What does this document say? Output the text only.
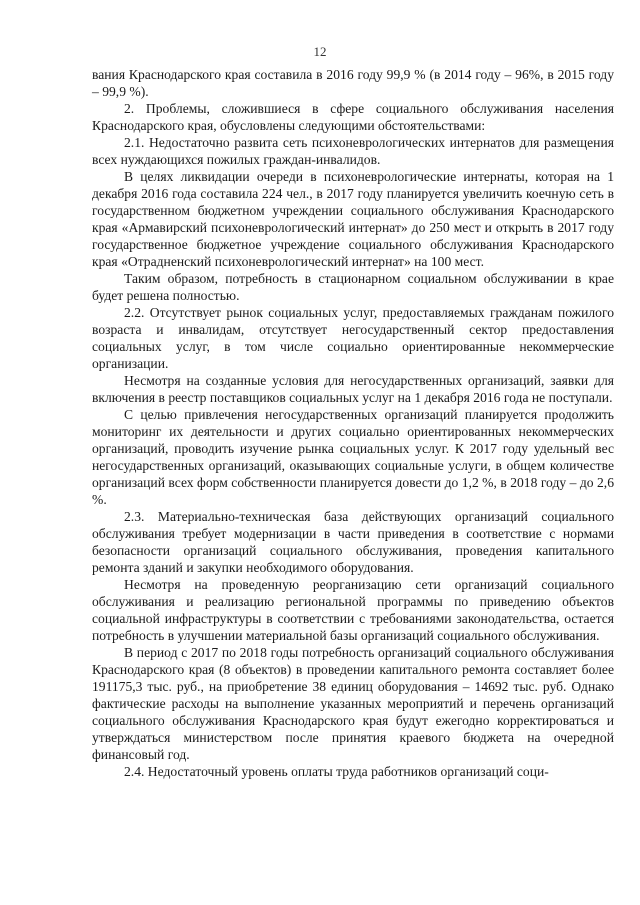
12

вания Краснодарского края составила в 2016 году 99,9 % (в 2014 году – 96%, в 2015 году – 99,9 %).

2. Проблемы, сложившиеся в сфере социального обслуживания населения Краснодарского края, обусловлены следующими обстоятельствами:

2.1. Недостаточно развита сеть психоневрологических интернатов для размещения всех нуждающихся пожилых граждан-инвалидов.

В целях ликвидации очереди в психоневрологические интернаты, которая на 1 декабря 2016 года составила 224 чел., в 2017 году планируется увеличить коечную сеть в государственном бюджетном учреждении социального обслуживания Краснодарского края «Армавирский психоневрологический интернат» до 250 мест и открыть в 2017 году государственное бюджетное учреждение социального обслуживания Краснодарского края «Отрадненский психоневрологический интернат» на 100 мест.

Таким образом, потребность в стационарном социальном обслуживании в крае будет решена полностью.

2.2. Отсутствует рынок социальных услуг, предоставляемых гражданам пожилого возраста и инвалидам, отсутствует негосударственный сектор предоставления социальных услуг, в том числе социально ориентированные некоммерческие организации.

Несмотря на созданные условия для негосударственных организаций, заявки для включения в реестр поставщиков социальных услуг на 1 декабря 2016 года не поступали.

С целью привлечения негосударственных организаций планируется продолжить мониторинг их деятельности и других социально ориентированных некоммерческих организаций, проводить изучение рынка социальных услуг. К 2017 году удельный вес негосударственных организаций, оказывающих социальные услуги, в общем количестве организаций всех форм собственности планируется довести до 1,2 %, в 2018 году – до 2,6 %.

2.3. Материально-техническая база действующих организаций социального обслуживания требует модернизации в части приведения в соответствие с нормами безопасности организаций социального обслуживания, проведения капитального ремонта зданий и закупки необходимого оборудования.

Несмотря на проведенную реорганизацию сети организаций социального обслуживания и реализацию региональной программы по приведению объектов социальной инфраструктуры в соответствии с требованиями законодательства, остается потребность в улучшении материальной базы организаций социального обслуживания.

В период с 2017 по 2018 годы потребность организаций социального обслуживания Краснодарского края (8 объектов) в проведении капитального ремонта составляет более 191175,3 тыс. руб., на приобретение 38 единиц оборудования – 14692 тыс. руб. Однако фактические расходы на выполнение указанных мероприятий и перечень организаций социального обслуживания Краснодарского края будут ежегодно корректироваться и утверждаться министерством после принятия краевого бюджета на очередной финансовый год.

2.4. Недостаточный уровень оплаты труда работников организаций соци-
